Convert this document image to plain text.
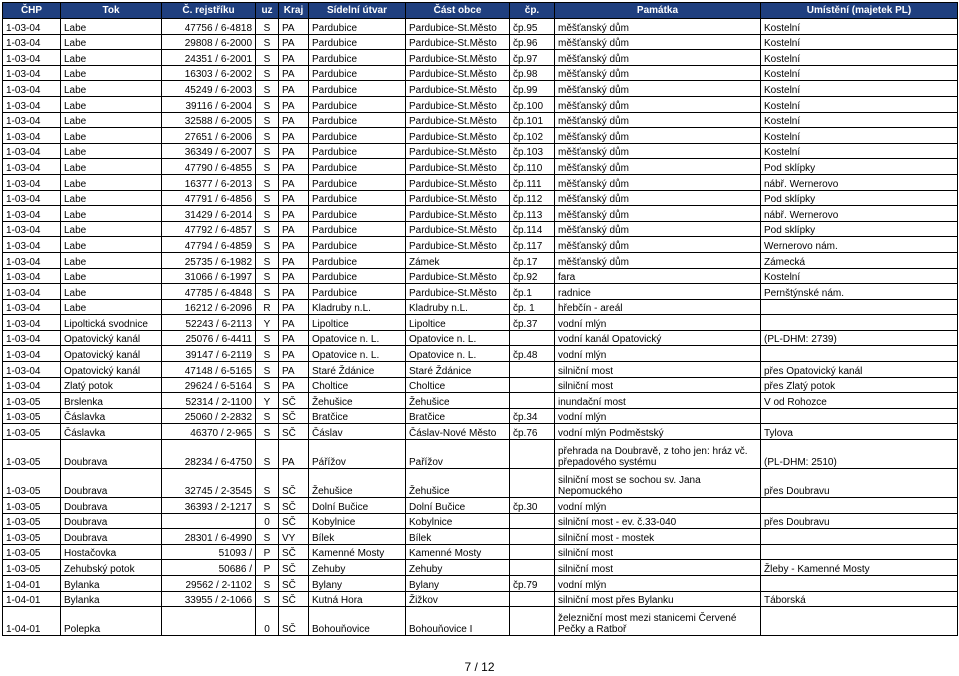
ČHP	Tok	Č. rejstříku	uz	Kraj	Sídelní útvar	Část obce	čp.	Památka	Umístění (majetek PL)
1-03-04	Labe	47756 / 6-4818	S	PA	Pardubice	Pardubice-St.Město	čp.95	měšťanský dům	Kostelní
1-03-04	Labe	29808 / 6-2000	S	PA	Pardubice	Pardubice-St.Město	čp.96	měšťanský dům	Kostelní
1-03-04	Labe	24351 / 6-2001	S	PA	Pardubice	Pardubice-St.Město	čp.97	měšťanský dům	Kostelní
1-03-04	Labe	16303 / 6-2002	S	PA	Pardubice	Pardubice-St.Město	čp.98	měšťanský dům	Kostelní
1-03-04	Labe	45249 / 6-2003	S	PA	Pardubice	Pardubice-St.Město	čp.99	měšťanský dům	Kostelní
1-03-04	Labe	39116 / 6-2004	S	PA	Pardubice	Pardubice-St.Město	čp.100	měšťanský dům	Kostelní
1-03-04	Labe	32588 / 6-2005	S	PA	Pardubice	Pardubice-St.Město	čp.101	měšťanský dům	Kostelní
1-03-04	Labe	27651 / 6-2006	S	PA	Pardubice	Pardubice-St.Město	čp.102	měšťanský dům	Kostelní
1-03-04	Labe	36349 / 6-2007	S	PA	Pardubice	Pardubice-St.Město	čp.103	měšťanský dům	Kostelní
1-03-04	Labe	47790 / 6-4855	S	PA	Pardubice	Pardubice-St.Město	čp.110	měšťanský dům	Pod sklípky
1-03-04	Labe	16377 / 6-2013	S	PA	Pardubice	Pardubice-St.Město	čp.111	měšťanský dům	nábř. Wernerovo
1-03-04	Labe	47791 / 6-4856	S	PA	Pardubice	Pardubice-St.Město	čp.112	měšťanský dům	Pod sklípky
1-03-04	Labe	31429 / 6-2014	S	PA	Pardubice	Pardubice-St.Město	čp.113	měšťanský dům	nábř. Wernerovo
1-03-04	Labe	47792 / 6-4857	S	PA	Pardubice	Pardubice-St.Město	čp.114	měšťanský dům	Pod sklípky
1-03-04	Labe	47794 / 6-4859	S	PA	Pardubice	Pardubice-St.Město	čp.117	měšťanský dům	Wernerovo nám.
1-03-04	Labe	25735 / 6-1982	S	PA	Pardubice	Zámek	čp.17	měšťanský dům	Zámecká
1-03-04	Labe	31066 / 6-1997	S	PA	Pardubice	Pardubice-St.Město	čp.92	fara	Kostelní
1-03-04	Labe	47785 / 6-4848	S	PA	Pardubice	Pardubice-St.Město	čp.1	radnice	Pernštýnské nám.
1-03-04	Labe	16212 / 6-2096	R	PA	Kladruby n.L.	Kladruby n.L.	čp. 1	hřebčín - areál	
1-03-04	Lipoltická svodnice	52243 / 6-2113	Y	PA	Lipoltice	Lipoltice	čp.37	vodní mlýn	
1-03-04	Opatovický kanál	25076 / 6-4411	S	PA	Opatovice n. L.	Opatovice n. L.		vodní kanál Opatovický	(PL-DHM: 2739)
1-03-04	Opatovický kanál	39147 / 6-2119	S	PA	Opatovice n. L.	Opatovice n. L.	čp.48	vodní mlýn	
1-03-04	Opatovický kanál	47148 / 6-5165	S	PA	Staré Ždánice	Staré Ždánice		silniční most	přes Opatovický kanál
1-03-04	Zlatý potok	29624 / 6-5164	S	PA	Choltice	Choltice		silniční most	přes Zlatý potok
1-03-05	Brslenka	52314 / 2-1100	Y	SČ	Žehušice	Žehušice		inundační most	V od Rohozce
1-03-05	Čáslavka	25060 / 2-2832	S	SČ	Bratčice	Bratčice	čp.34	vodní mlýn	
1-03-05	Čáslavka	46370 / 2-965	S	SČ	Čáslav	Čáslav-Nové Město	čp.76	vodní mlýn Podměstský	Tylova
1-03-05	Doubrava	28234 / 6-4750	S	PA	Pářížov	Pařížov		přehrada na Doubravě, z toho jen: hráz vč. přepadového systému	(PL-DHM: 2510)
1-03-05	Doubrava	32745 / 2-3545	S	SČ	Žehušice	Žehušice		silniční most se sochou sv. Jana Nepomuckého	přes Doubravu
1-03-05	Doubrava	36393 / 2-1217	S	SČ	Dolní Bučice	Dolní Bučice	čp.30	vodní mlýn	
1-03-05	Doubrava		0	SČ	Kobylnice	Kobylnice		silniční most - ev. č.33-040	přes Doubravu
1-03-05	Doubrava	28301 / 6-4990	S	VY	Bílek	Bílek		silniční most - mostek	
1-03-05	Hostačovka	51093 /	P	SČ	Kamenné Mosty	Kamenné Mosty		silniční most	
1-03-05	Zehubský potok	50686 /	P	SČ	Zehuby	Zehuby		silniční most	Žleby - Kamenné Mosty
1-04-01	Bylanka	29562 / 2-1102	S	SČ	Bylany	Bylany	čp.79	vodní mlýn	
1-04-01	Bylanka	33955 / 2-1066	S	SČ	Kutná Hora	Žižkov		silniční most přes Bylanku	Táborská
1-04-01	Polepka		0	SČ	Bohouňovice	Bohouňovice I		železniční most mezi stanicemi Červené Pečky a Ratboř	
7 / 12
